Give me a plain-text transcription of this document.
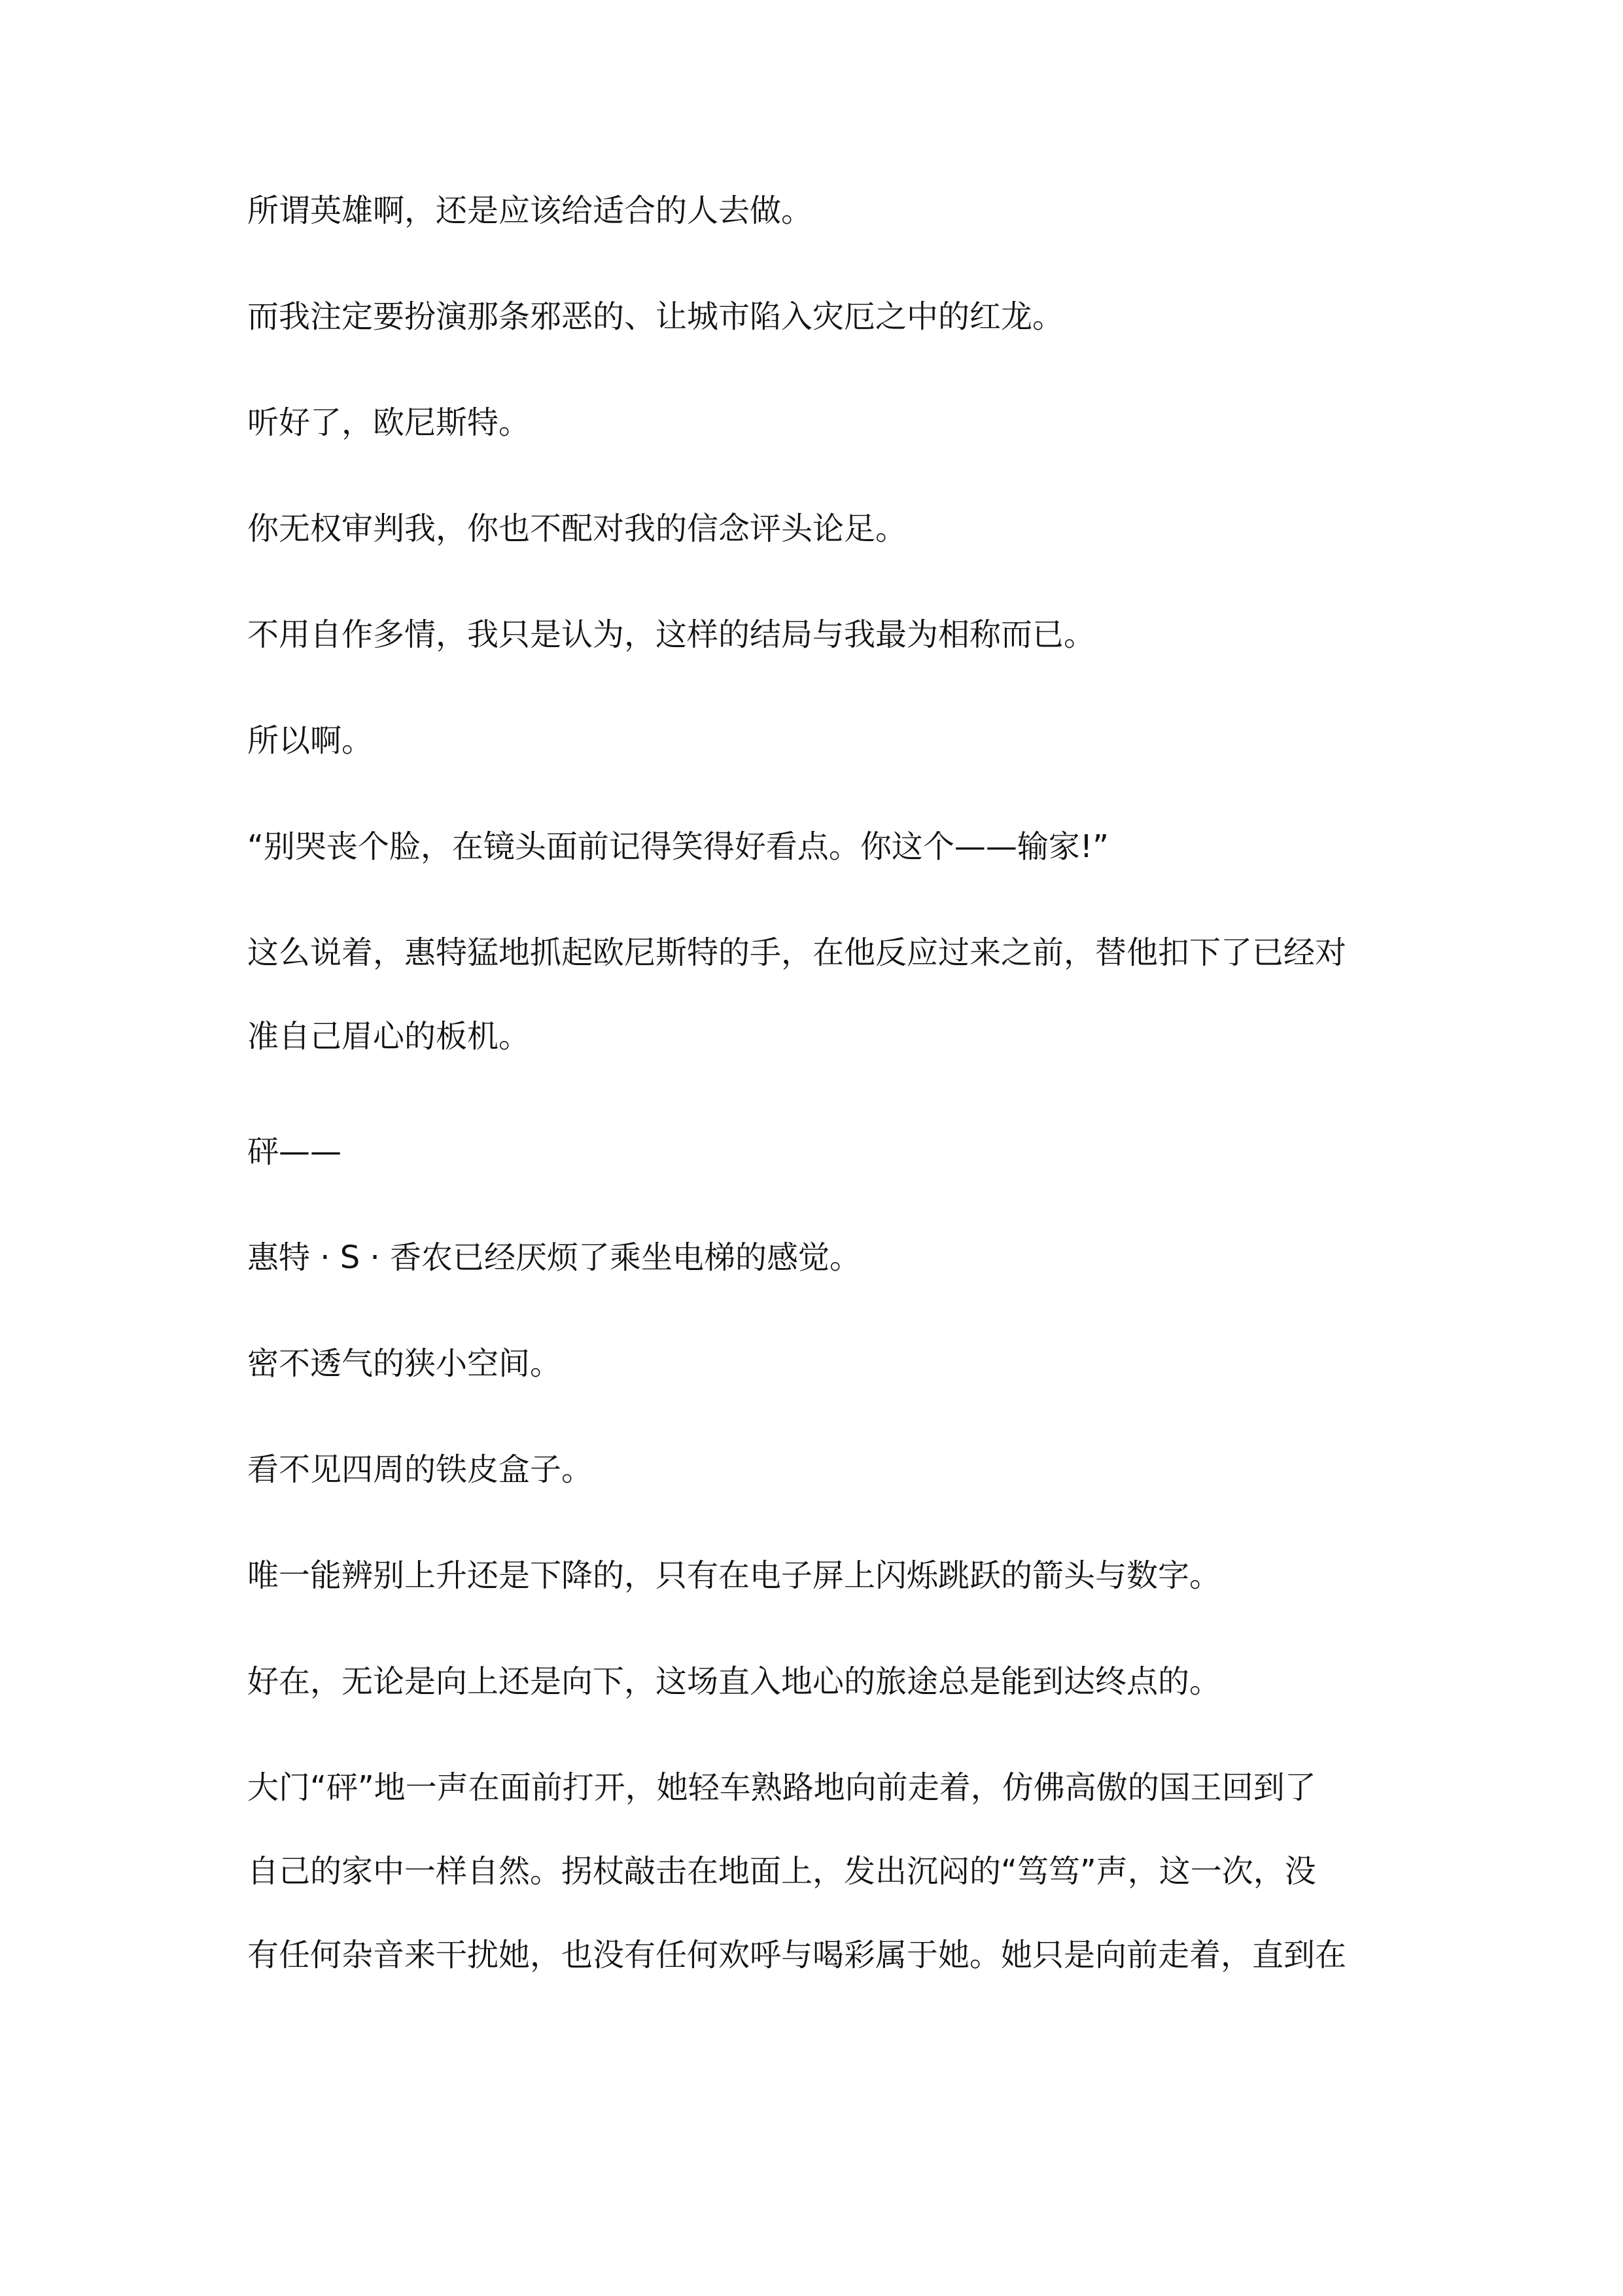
所谓英雄啊，还是应该给适合的人去做。

而我注定要扮演那条邪恶的、让城市陷入灾厄之中的红龙。

听好了，欧尼斯特。

你无权审判我，你也不配对我的信念评头论足。

不用自作多情，我只是认为，这样的结局与我最为相称而已。

所以啊。

“别哭丧个脸，在镜头面前记得笑得好看点。你这个——输家!”

这么说着，惠特猛地抓起欧尼斯特的手，在他反应过来之前，替他扣下了已经对
准自己眉心的板机。

砰——

惠特 · S · 香农已经厌烦了乘坐电梯的感觉。

密不透气的狭小空间。

看不见四周的铁皮盒子。

唯一能辨别上升还是下降的，只有在电子屏上闪烁跳跃的箭头与数字。

好在，无论是向上还是向下，这场直入地心的旅途总是能到达终点的。

大门“砰”地一声在面前打开，她轻车熟路地向前走着，仿佛高傲的国王回到了
自己的家中一样自然。拐杖敲击在地面上，发出沉闷的“笃笃”声，这一次，没
有任何杂音来干扰她，也没有任何欢呼与喝彩属于她。她只是向前走着，直到在
